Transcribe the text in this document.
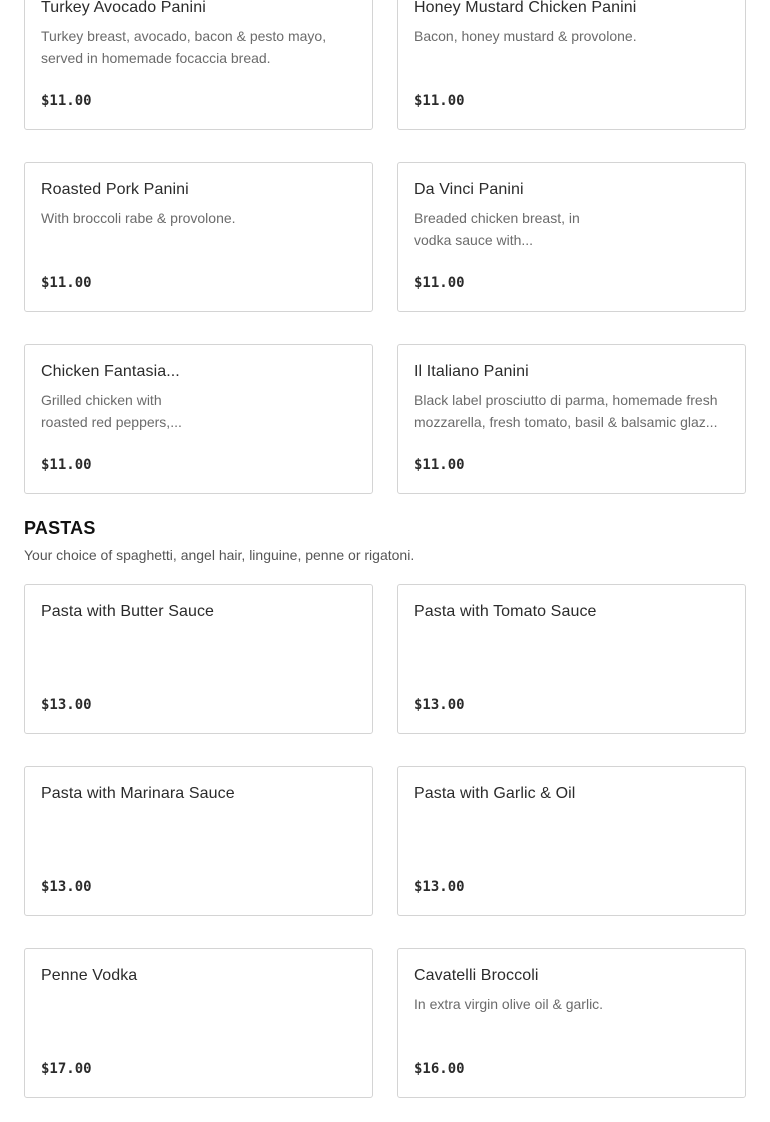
Turkey Avocado Panini
Turkey breast, avocado, bacon & pesto mayo,
served in homemade focaccia bread.
$11.00
Honey Mustard Chicken Panini
Bacon, honey mustard & provolone.
$11.00
Roasted Pork Panini
With broccoli rabe & provolone.
$11.00
Da Vinci Panini
Breaded chicken breast, in
vodka sauce with...
$11.00
Chicken Fantasia...
Grilled chicken with
roasted red peppers,...
$11.00
Il Italiano Panini
Black label prosciutto di parma, homemade fresh
mozzarella, fresh tomato, basil & balsamic glaz...
$11.00
PASTAS
Your choice of spaghetti, angel hair, linguine, penne or rigatoni.
Pasta with Butter Sauce
$13.00
Pasta with Tomato Sauce
$13.00
Pasta with Marinara Sauce
$13.00
Pasta with Garlic & Oil
$13.00
Penne Vodka
$17.00
Cavatelli Broccoli
In extra virgin olive oil & garlic.
$16.00
